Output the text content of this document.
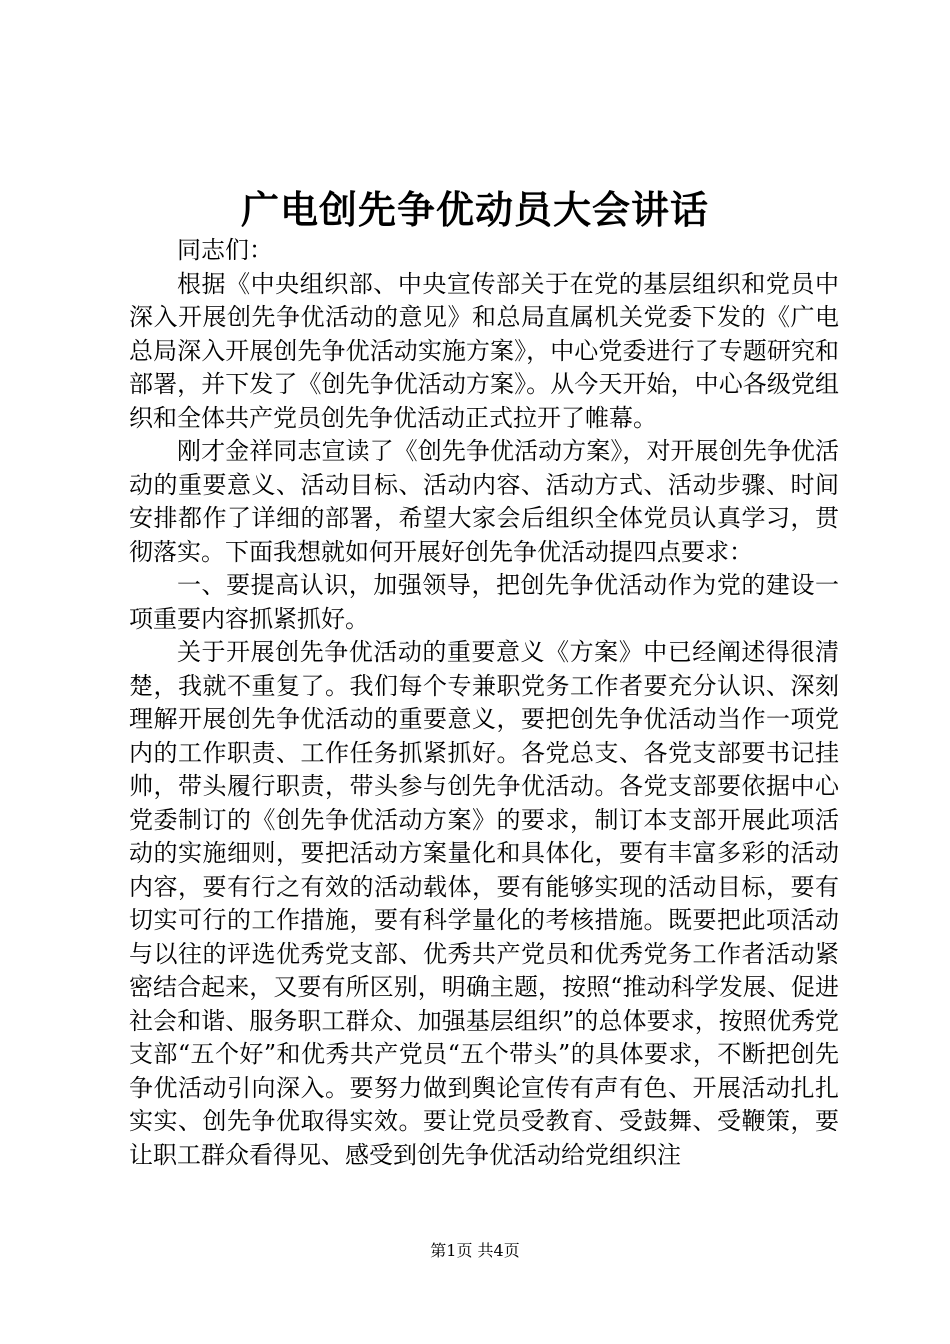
广电创先争优动员大会讲话

同志们：

根据《中央组织部、中央宣传部关于在党的基层组织和党员中深入开展创先争优活动的意见》和总局直属机关党委下发的《广电总局深入开展创先争优活动实施方案》，中心党委进行了专题研究和部署，并下发了《创先争优活动方案》。从今天开始，中心各级党组织和全体共产党员创先争优活动正式拉开了帷幕。

刚才金祥同志宣读了《创先争优活动方案》，对开展创先争优活动的重要意义、活动目标、活动内容、活动方式、活动步骤、时间安排都作了详细的部署，希望大家会后组织全体党员认真学习，贯彻落实。下面我想就如何开展好创先争优活动提四点要求：

一、要提高认识，加强领导，把创先争优活动作为党的建设一项重要内容抓紧抓好。

关于开展创先争优活动的重要意义《方案》中已经阐述得很清楚，我就不重复了。我们每个专兼职党务工作者要充分认识、深刻理解开展创先争优活动的重要意义，要把创先争优活动当作一项党内的工作职责、工作任务抓紧抓好。各党总支、各党支部要书记挂帅，带头履行职责，带头参与创先争优活动。各党支部要依据中心党委制订的《创先争优活动方案》的要求，制订本支部开展此项活动的实施细则，要把活动方案量化和具体化，要有丰富多彩的活动内容，要有行之有效的活动载体，要有能够实现的活动目标，要有切实可行的工作措施，要有科学量化的考核措施。既要把此项活动与以往的评选优秀党支部、优秀共产党员和优秀党务工作者活动紧密结合起来，又要有所区别，明确主题，按照“推动科学发展、促进社会和谐、服务职工群众、加强基层组织”的总体要求，按照优秀党支部“五个好”和优秀共产党员“五个带头”的具体要求，不断把创先争优活动引向深入。要努力做到舆论宣传有声有色、开展活动扎扎实实、创先争优取得实效。要让党员受教育、受鼓舞、受鞭策，要让职工群众看得见、感受到创先争优活动给党组织注

第1页 共4页
